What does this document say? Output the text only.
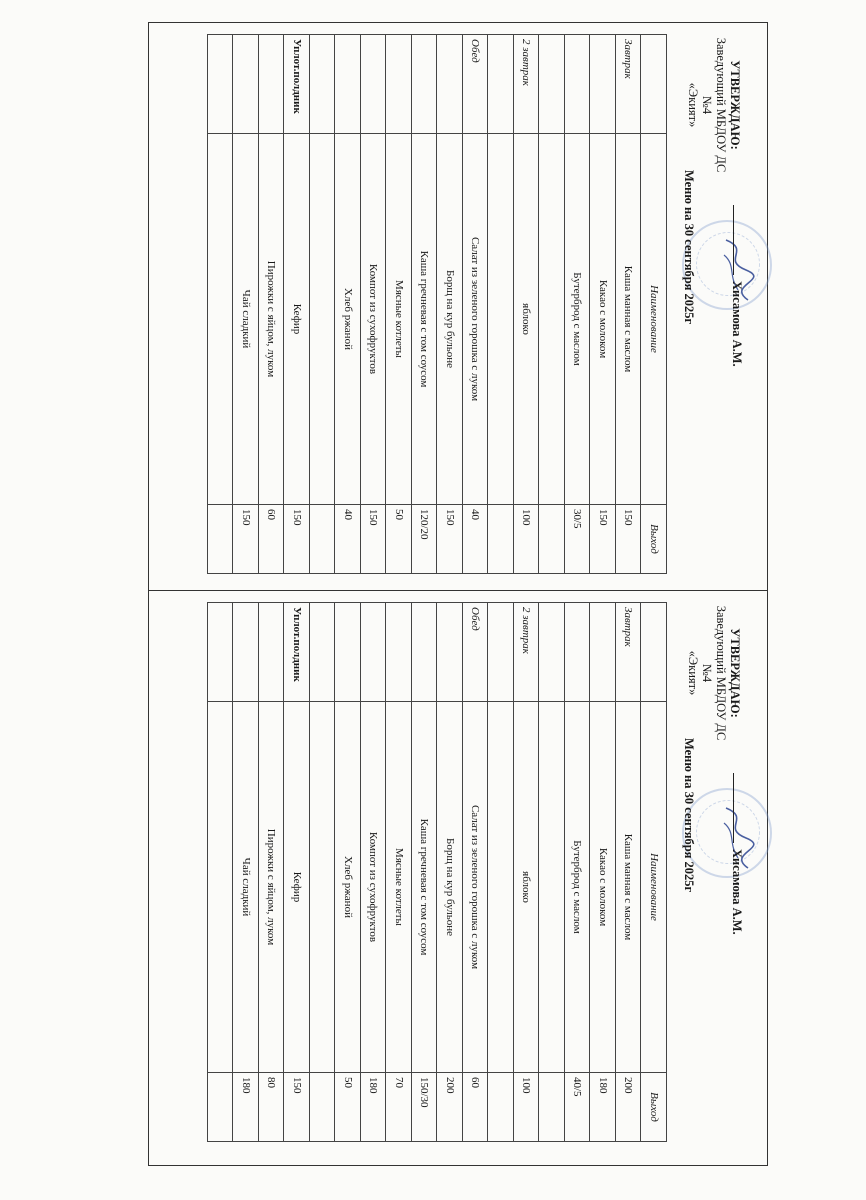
УТВЕРЖДАЮ:
Заведующий МБДОУ ДС №4
«Экият»
Хисамова А.М.
Меню на 30 сентября 2025г
	Наименование	Выход
Завтрак	Каша манная с маслом	150
	Какао с молоком	150
	Бутерброд с маслом	30/5

2 завтрак	яблоко	100

Обед	Салат из зеленого горошка с луком	40
	Борщ на кур бульоне	150
	Каша гречневая с том соусом	120/20
	Мясные котлеты	50
	Компот из сухофруктов	150
	Хлеб ржаной	40

Уплот.полдник	Кефир	150
	Пирожки с яйцом, луком	60
	Чай сладкий	150

УТВЕРЖДАЮ:
Заведующий МБДОУ ДС №4
«Экият»
Хисамова А.М.
Меню на 30 сентября 2025г
	Наименование	Выход
Завтрак	Каша манная с маслом	200
	Какао с молоком	180
	Бутерброд с маслом	40/5

2 завтрак	яблоко	100

Обед	Салат из зеленого горошка с луком	60
	Борщ на кур бульоне	200
	Каша гречневая с том соусом	150/30
	Мясные котлеты	70
	Компот из сухофруктов	180
	Хлеб ржаной	50

Уплот.полдник	Кефир	150
	Пирожки с яйцом, луком	80
	Чай сладкий	180
